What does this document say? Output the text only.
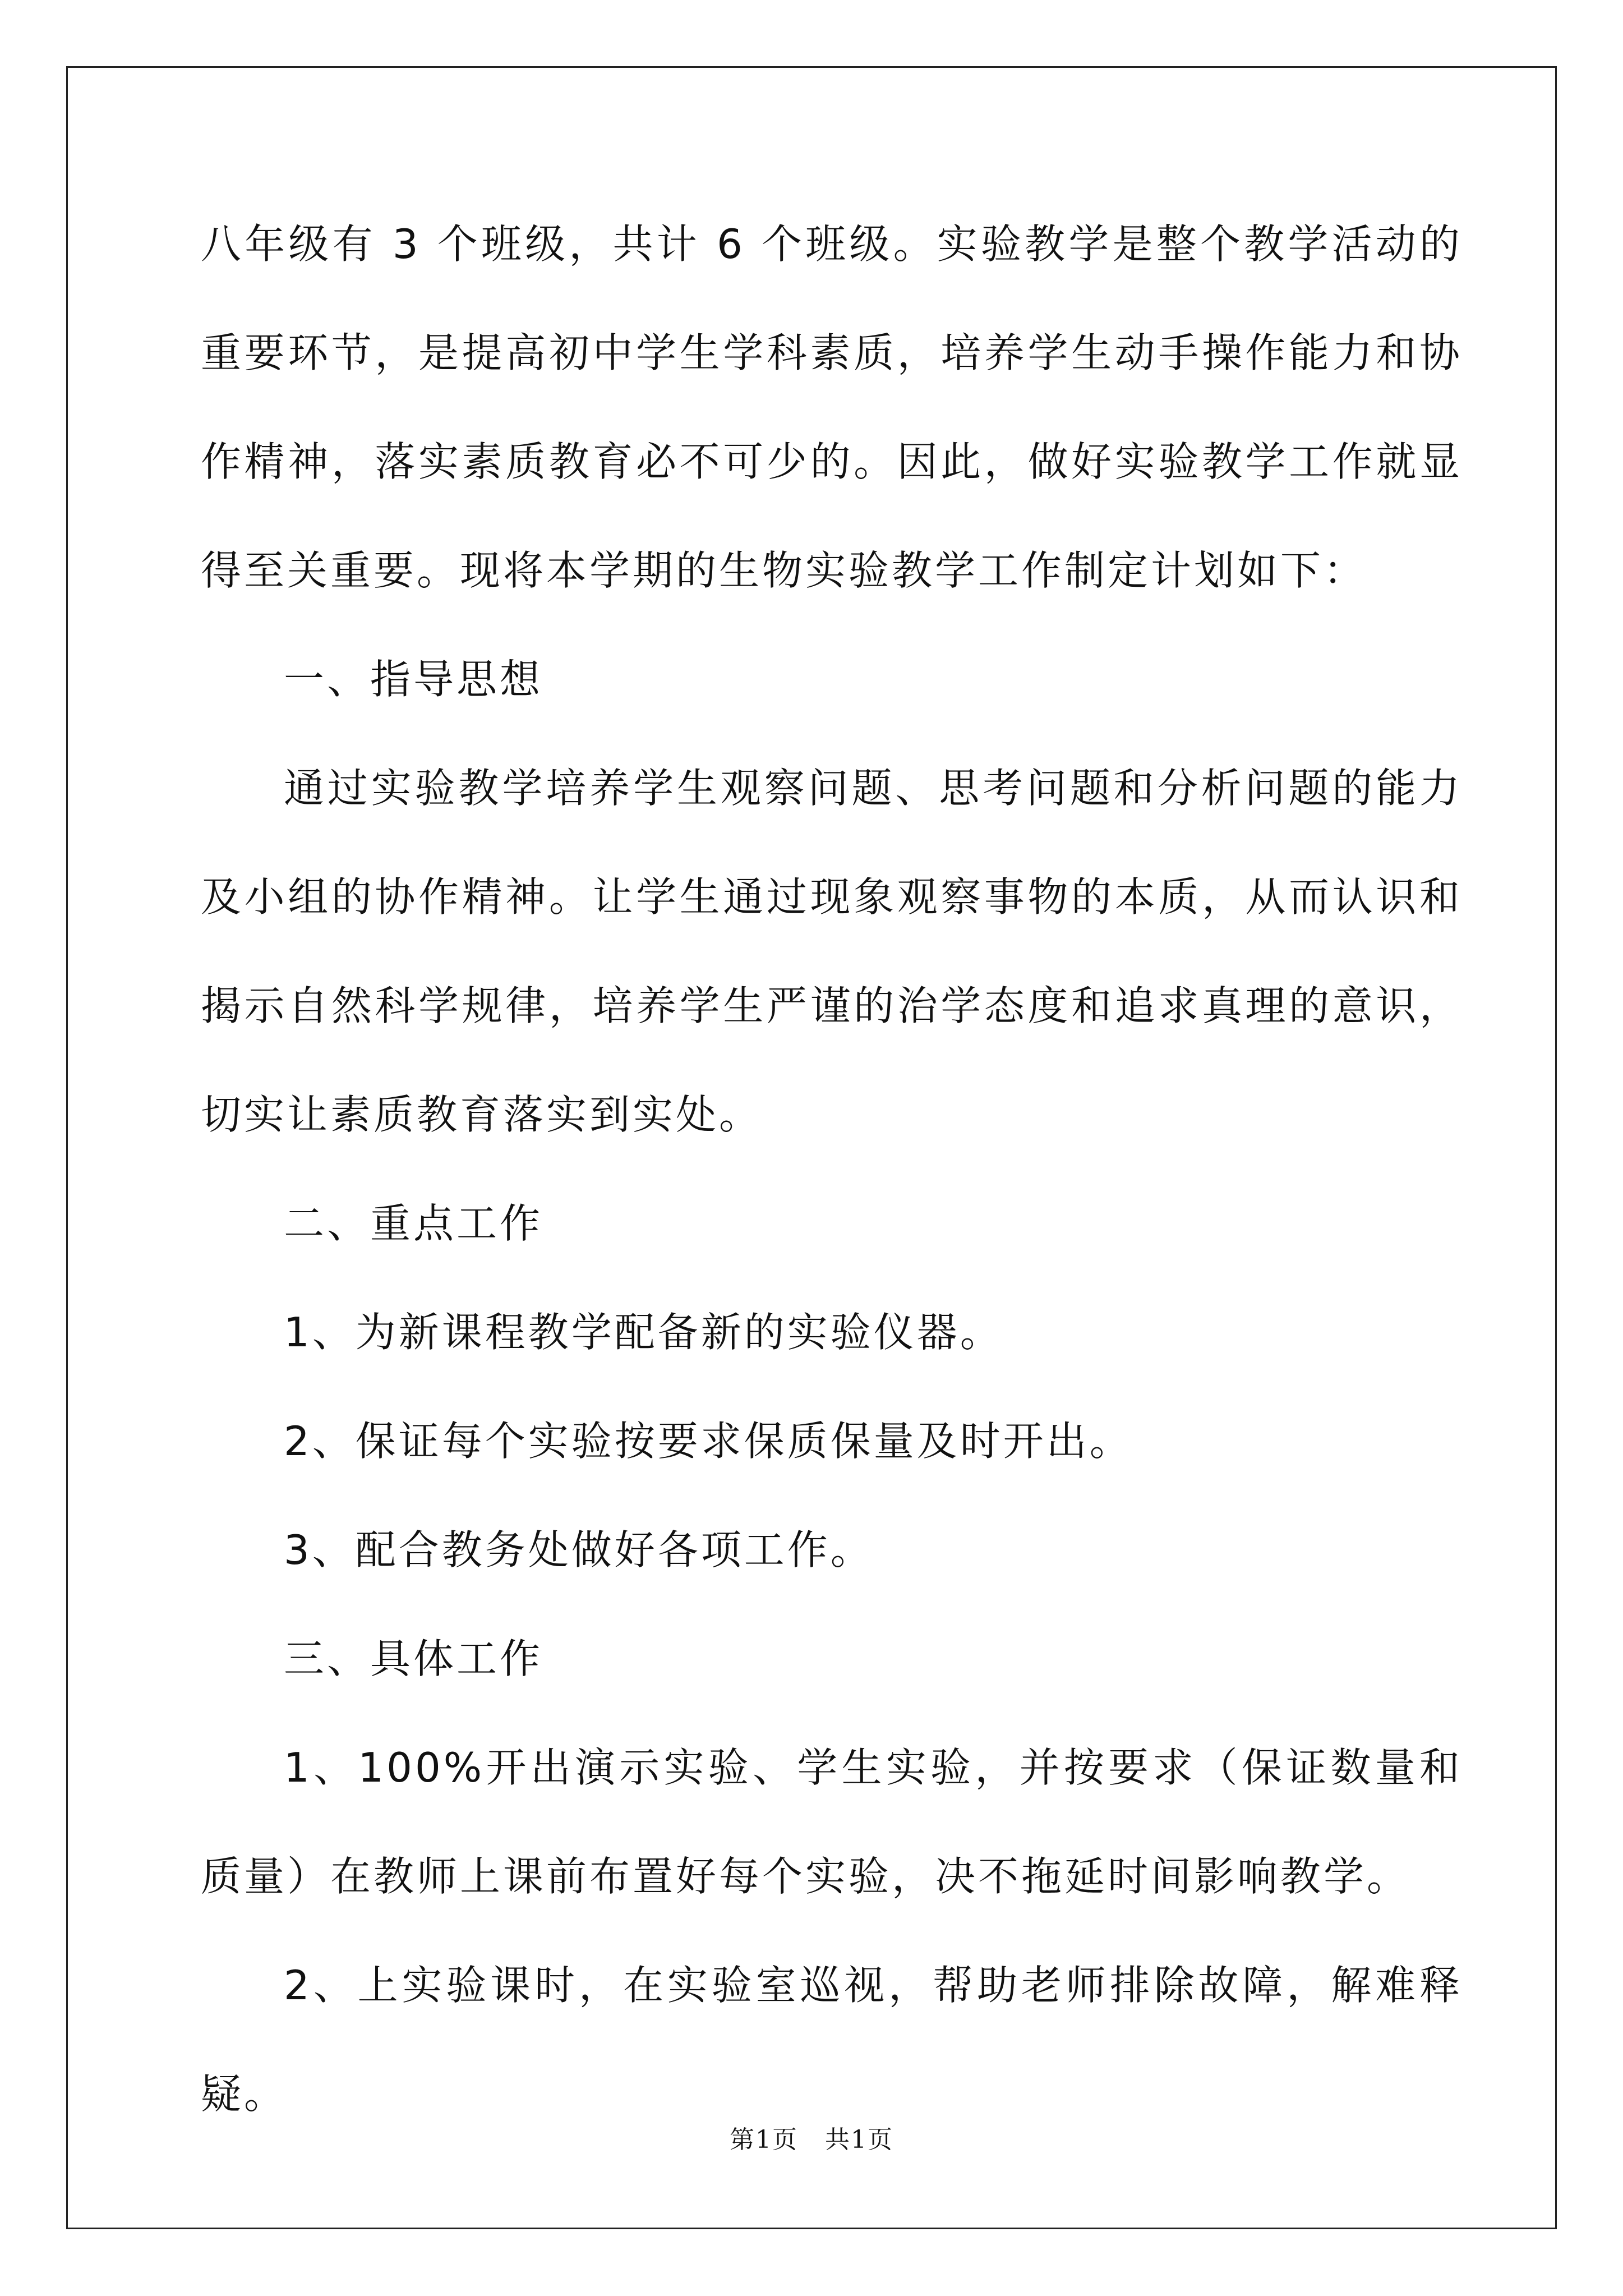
八年级有 3 个班级，共计 6 个班级。实验教学是整个教学活动的重要环节，是提高初中学生学科素质，培养学生动手操作能力和协作精神，落实素质教育必不可少的。因此，做好实验教学工作就显得至关重要。现将本学期的生物实验教学工作制定计划如下：

一、指导思想

通过实验教学培养学生观察问题、思考问题和分析问题的能力及小组的协作精神。让学生通过现象观察事物的本质，从而认识和揭示自然科学规律，培养学生严谨的治学态度和追求真理的意识，切实让素质教育落实到实处。

二、重点工作

1、为新课程教学配备新的实验仪器。

2、保证每个实验按要求保质保量及时开出。

3、配合教务处做好各项工作。

三、具体工作

1、100%开出演示实验、学生实验，并按要求（保证数量和质量）在教师上课前布置好每个实验，决不拖延时间影响教学。

2、上实验课时，在实验室巡视，帮助老师排除故障，解难释疑。

第1页 共1页
